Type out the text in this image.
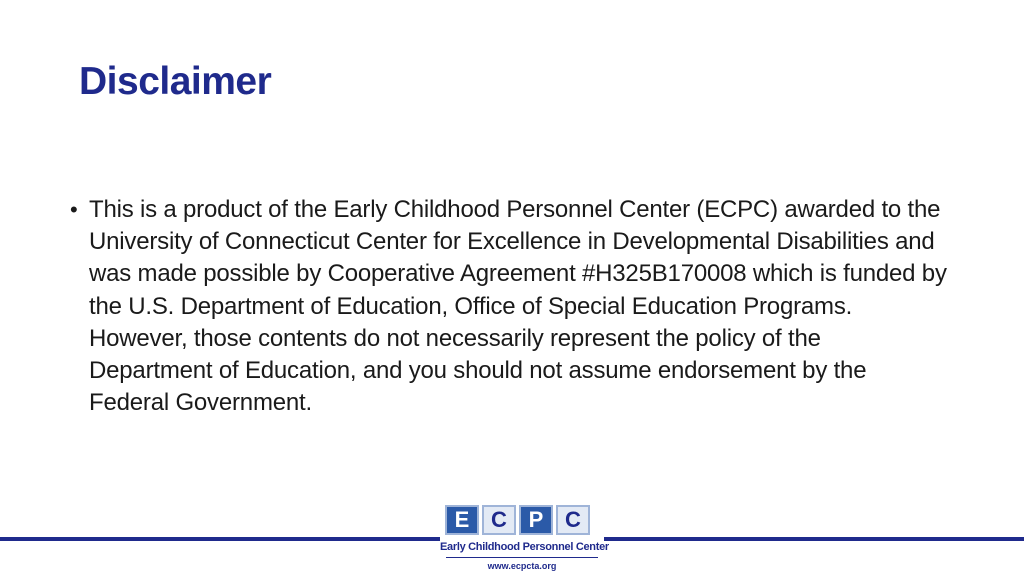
Disclaimer
• This is a product of the Early Childhood Personnel Center (ECPC) awarded to the University of Connecticut Center for Excellence in Developmental Disabilities and was made possible by Cooperative Agreement #H325B170008 which is funded by the U.S. Department of Education, Office of Special Education Programs. However, those contents do not necessarily represent the policy of the Department of Education, and you should not assume endorsement by the Federal Government.
E C P C
Early Childhood Personnel Center
www.ecpcta.org
